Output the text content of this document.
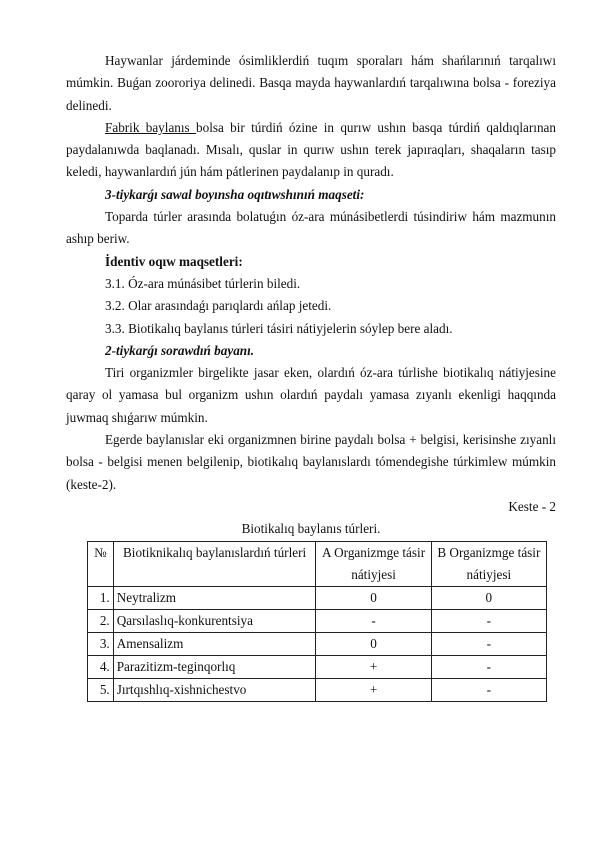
Haywanlar járdeminde ósimliklerdiń tuqım sporaları hám shańlarınıń tarqalıwı múmkin. Buǵan zoororiya delinedi. Basqa mayda haywanlardıń tarqalıwına bolsa - foreziya delinedi.

Fabrik baylanıs bolsa bir túrdiń ózine in qurıw ushın basqa túrdiń qaldıqlarınan paydalanıwda baqlanadı. Mısalı, quslar in qurıw ushın terek japıraqları, shaqaların tasıp keledi, haywanlardıń jún hám pátlerinen paydalanıp in quradı.

3-tiykarǵı sawal boyınsha oqıtıwshınıń maqseti:

Toparda túrler arasında bolatuǵın óz-ara múnásibetlerdi túsindiriw hám mazmunın ashıp beriw.

İdentiv oqıw maqsetleri:

3.1. Óz-ara múnásibet túrlerin biledi.

3.2. Olar arasındaǵı parıqlardı ańlap jetedi.

3.3. Biotikalıq baylanıs túrleri tásiri nátiyjelerin sóylep bere aladı.

2-tiykarǵı sorawdıń bayanı.

Tiri organizmler birgelikte jasar eken, olardıń óz-ara túrlishe biotikalıq nátiyjesine qaray ol yamasa bul organizm ushın olardıń paydalı yamasa zıyanlı ekenligi haqqında juwmaq shıǵarıw múmkin.

Egerde baylanıslar eki organizmnen birine paydalı bolsa + belgisi, kerisinshe zıyanlı bolsa - belgisi menen belgilenip, biotikalıq baylanıslardı tómendegishe túrkimlew múmkin (keste-2).

Keste - 2

Biotikalıq baylanıs túrleri.

№	Biotiknikalıq baylanıslardıń túrleri	A Organizmge tásir nátiyjesi	B Organizmge tásir nátiyjesi
1.	Neytralizm	0	0
2.	Qarsılaslıq-konkurentsiya	-	-
3.	Amensalizm	0	-
4.	Parazitizm-teginqorlıq	+	-
5.	Jırtqıshlıq-xishnichestvo	+	-
